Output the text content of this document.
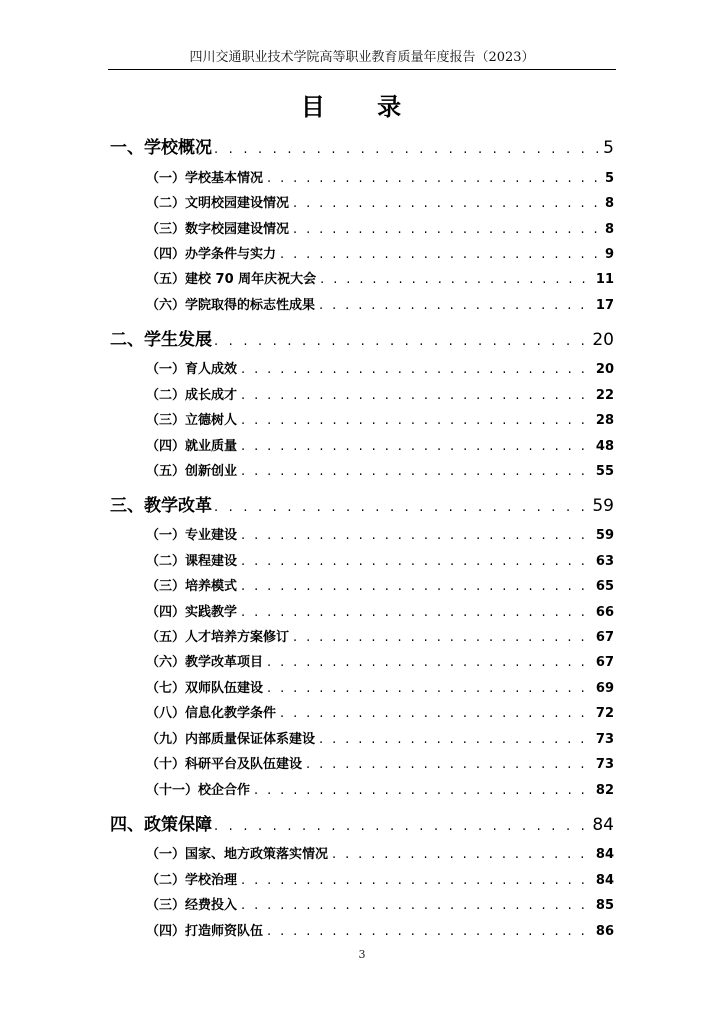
四川交通职业技术学院高等职业教育质量年度报告（2023）
目 录
一、学校概况 . . .	5
（一）学校基本情况 . . .	5
（二）文明校园建设情况 . . .	8
（三）数字校园建设情况 . . .	8
（四）办学条件与实力 . . .	9
（五）建校 70 周年庆祝大会 . . .	11
（六）学院取得的标志性成果 . . .	17
二、学生发展 . . .	20
（一）育人成效 . . .	20
（二）成长成才 . . .	22
（三）立德树人 . . .	28
（四）就业质量 . . .	48
（五）创新创业 . . .	55
三、教学改革 . . .	59
（一）专业建设 . . .	59
（二）课程建设 . . .	63
（三）培养模式 . . .	65
（四）实践教学 . . .	66
（五）人才培养方案修订 . . .	67
（六）教学改革项目 . . .	67
（七）双师队伍建设 . . .	69
（八）信息化教学条件 . . .	72
（九）内部质量保证体系建设 . . .	73
（十）科研平台及队伍建设 . . .	73
（十一）校企合作 . . .	82
四、政策保障 . . .	84
（一）国家、地方政策落实情况 . . .	84
（二）学校治理 . . .	84
（三）经费投入 . . .	85
（四）打造师资队伍 . . .	86
3
